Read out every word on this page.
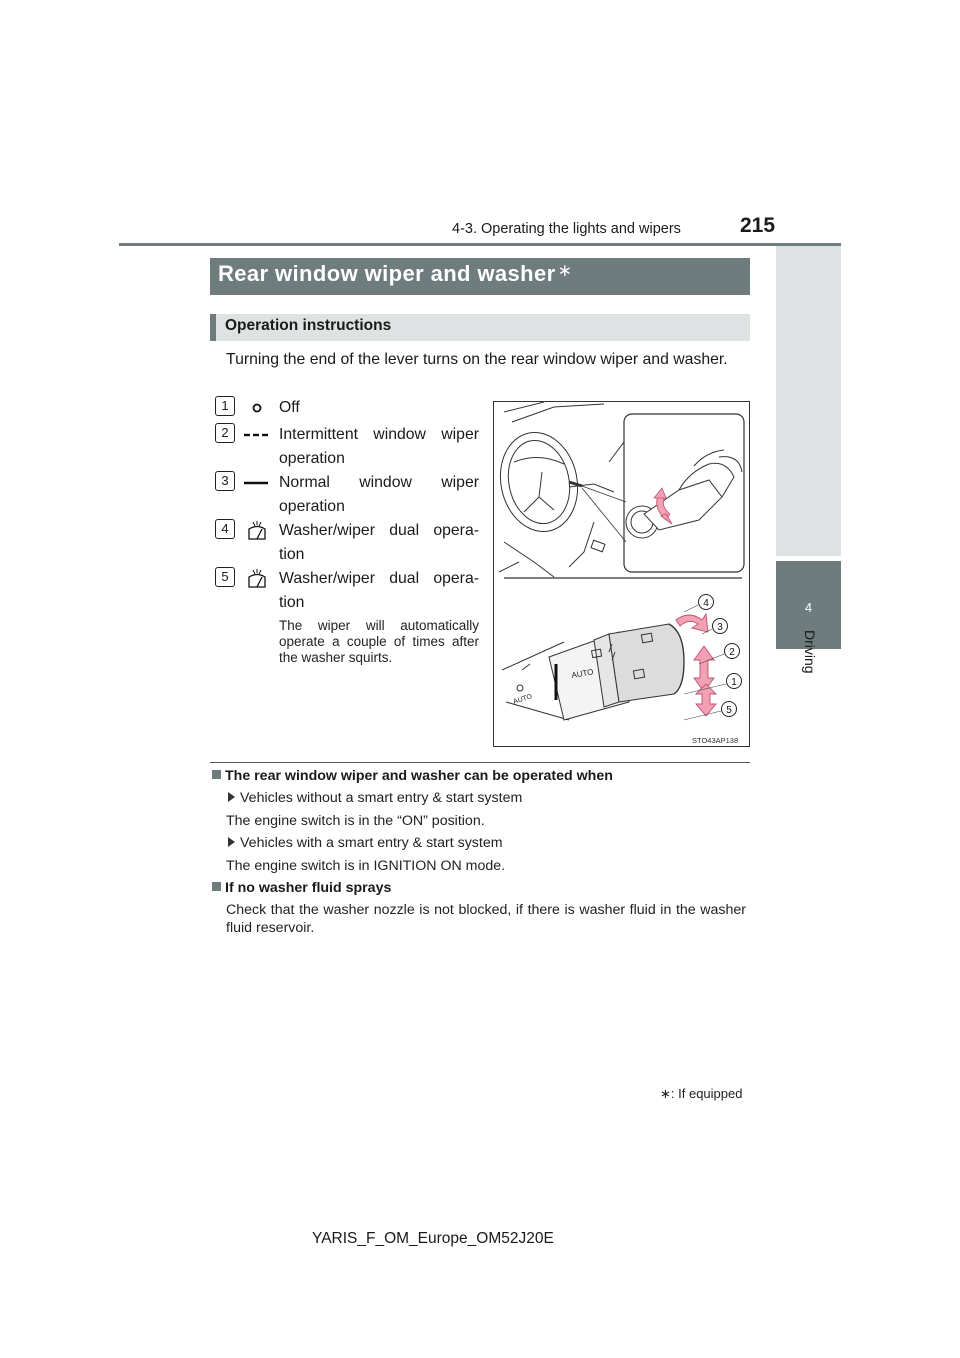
4-3. Operating the lights and wipers	215
4
Driving
Rear window wiper and washer ∗
Operation instructions
Turning the end of the lever turns on the rear window wiper and washer.
1	Off
2	Intermittent window wiper operation
3	Normal window wiper operation
4	Washer/wiper dual opera-tion
5	Washer/wiper dual opera-tion
The wiper will automatically operate a couple of times after the washer squirts.
AUTO
AUTO
4
3
2
1
5
STO43AP138
The rear window wiper and washer can be operated when
Vehicles without a smart entry & start system
The engine switch is in the “ON” position.
Vehicles with a smart entry & start system
The engine switch is in IGNITION ON mode.
If no washer fluid sprays
Check that the washer nozzle is not blocked, if there is washer fluid in the washer fluid reservoir.
∗: If equipped
YARIS_F_OM_Europe_OM52J20E
